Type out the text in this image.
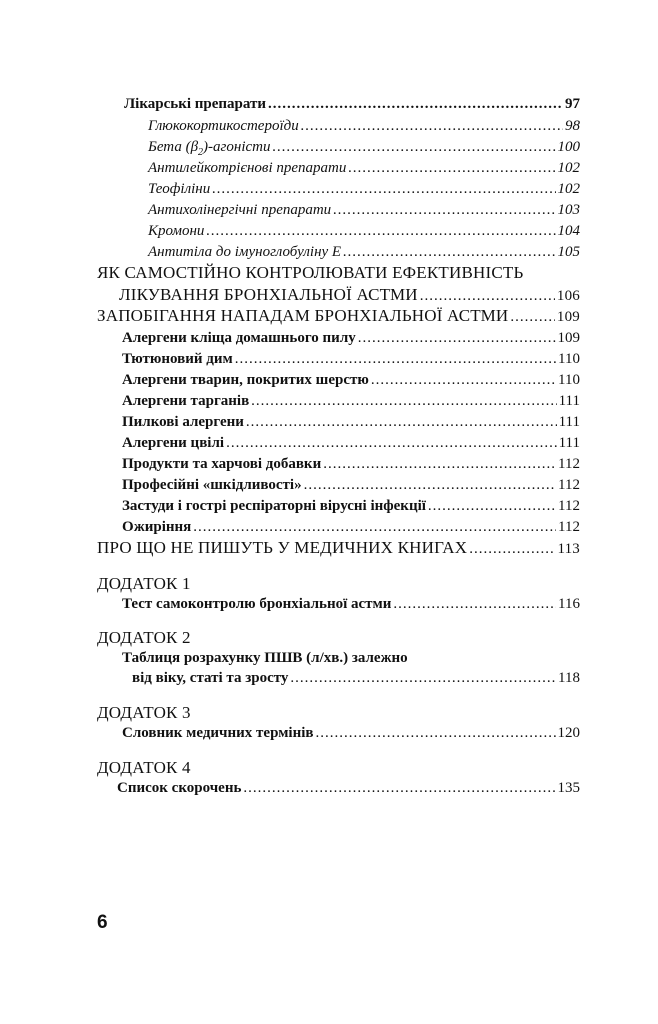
Лікарські препарати .....	97
Глюкокортикостероїди .....	98
Бета $(\beta_2)$-агоністи .....	100
Антилейкотрієнові препарати .....	102
Теофіліни .....	102
Антихолінергічні препарати .....	103
Кромони .....	104
Антитіла до імуноглобуліну E .....	105
ЯК САМОСТІЙНО КОНТРОЛЮВАТИ ЕФЕКТИВНІСТЬ
ЛІКУВАННЯ БРОНХІАЛЬНОЇ АСТМИ .....	106
ЗАПОБІГАННЯ НАПАДАМ БРОНХІАЛЬНОЇ АСТМИ .....	109
Алергени кліща домашнього пилу .....	109
Тютюновий дим .....	110
Алергени тварин, покритих шерстю .....	110
Алергени тарганів .....	111
Пилкові алергени .....	111
Алергени цвілі .....	111
Продукти та харчові добавки .....	112
Професійні «шкідливості» .....	112
Застуди і гострі респіраторні вірусні інфекції .....	112
Ожиріння .....	112
ПРО ЩО НЕ ПИШУТЬ У МЕДИЧНИХ КНИГАХ .....	113
ДОДАТОК 1
Тест самоконтролю бронхіальної астми .....	116
ДОДАТОК 2
Таблиця розрахунку ПШВ (л/хв.) залежно
від віку, статі та зросту .....	118
ДОДАТОК 3
Словник медичних термінів .....	120
ДОДАТОК 4
Список скорочень .....	135
6
